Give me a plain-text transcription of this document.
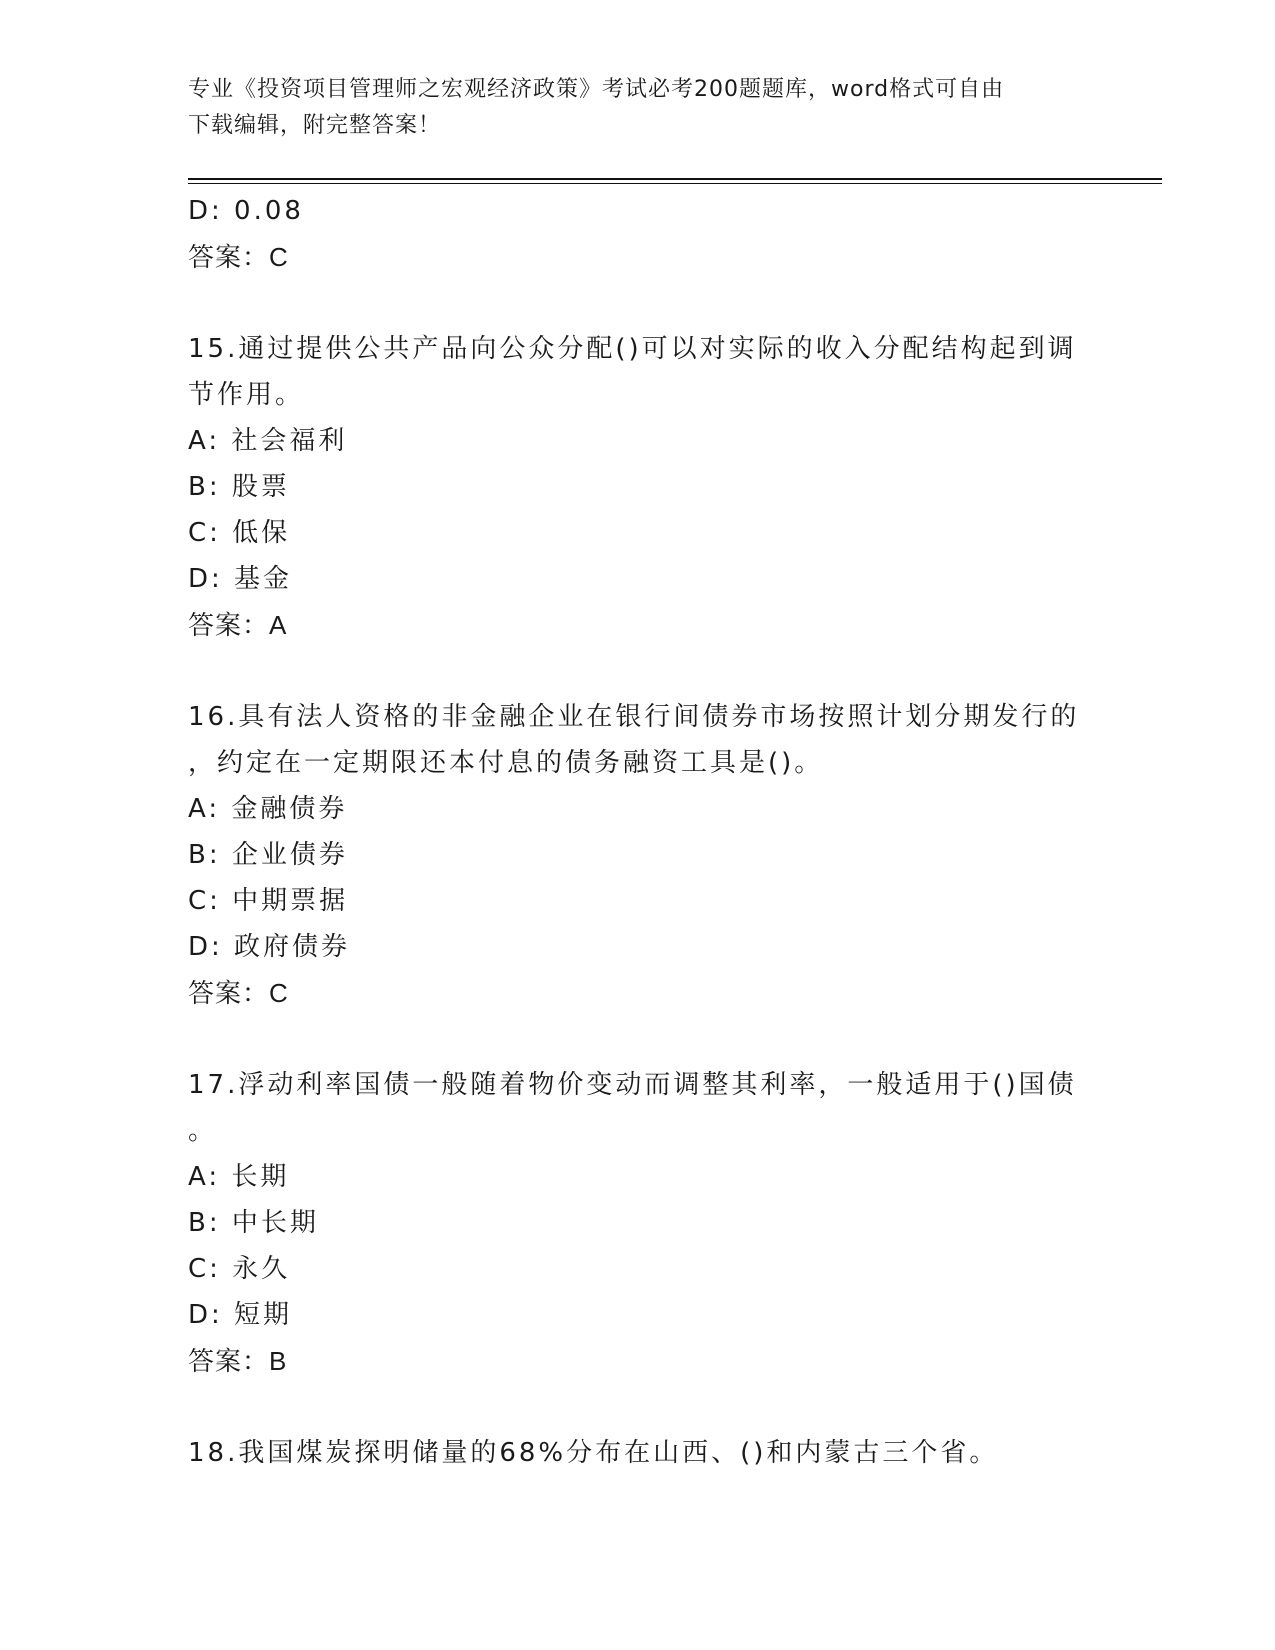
专业《投资项目管理师之宏观经济政策》考试必考200题题库，word格式可自由
下载编辑，附完整答案！
D: 0.08
答案：C
15.通过提供公共产品向公众分配()可以对实际的收入分配结构起到调
节作用。
A: 社会福利
B: 股票
C: 低保
D: 基金
答案：A
16.具有法人资格的非金融企业在银行间债券市场按照计划分期发行的
，约定在一定期限还本付息的债务融资工具是()。
A: 金融债券
B: 企业债券
C: 中期票据
D: 政府债券
答案：C
17.浮动利率国债一般随着物价变动而调整其利率，一般适用于()国债
。
A: 长期
B: 中长期
C: 永久
D: 短期
答案：B
18.我国煤炭探明储量的68%分布在山西、()和内蒙古三个省。
